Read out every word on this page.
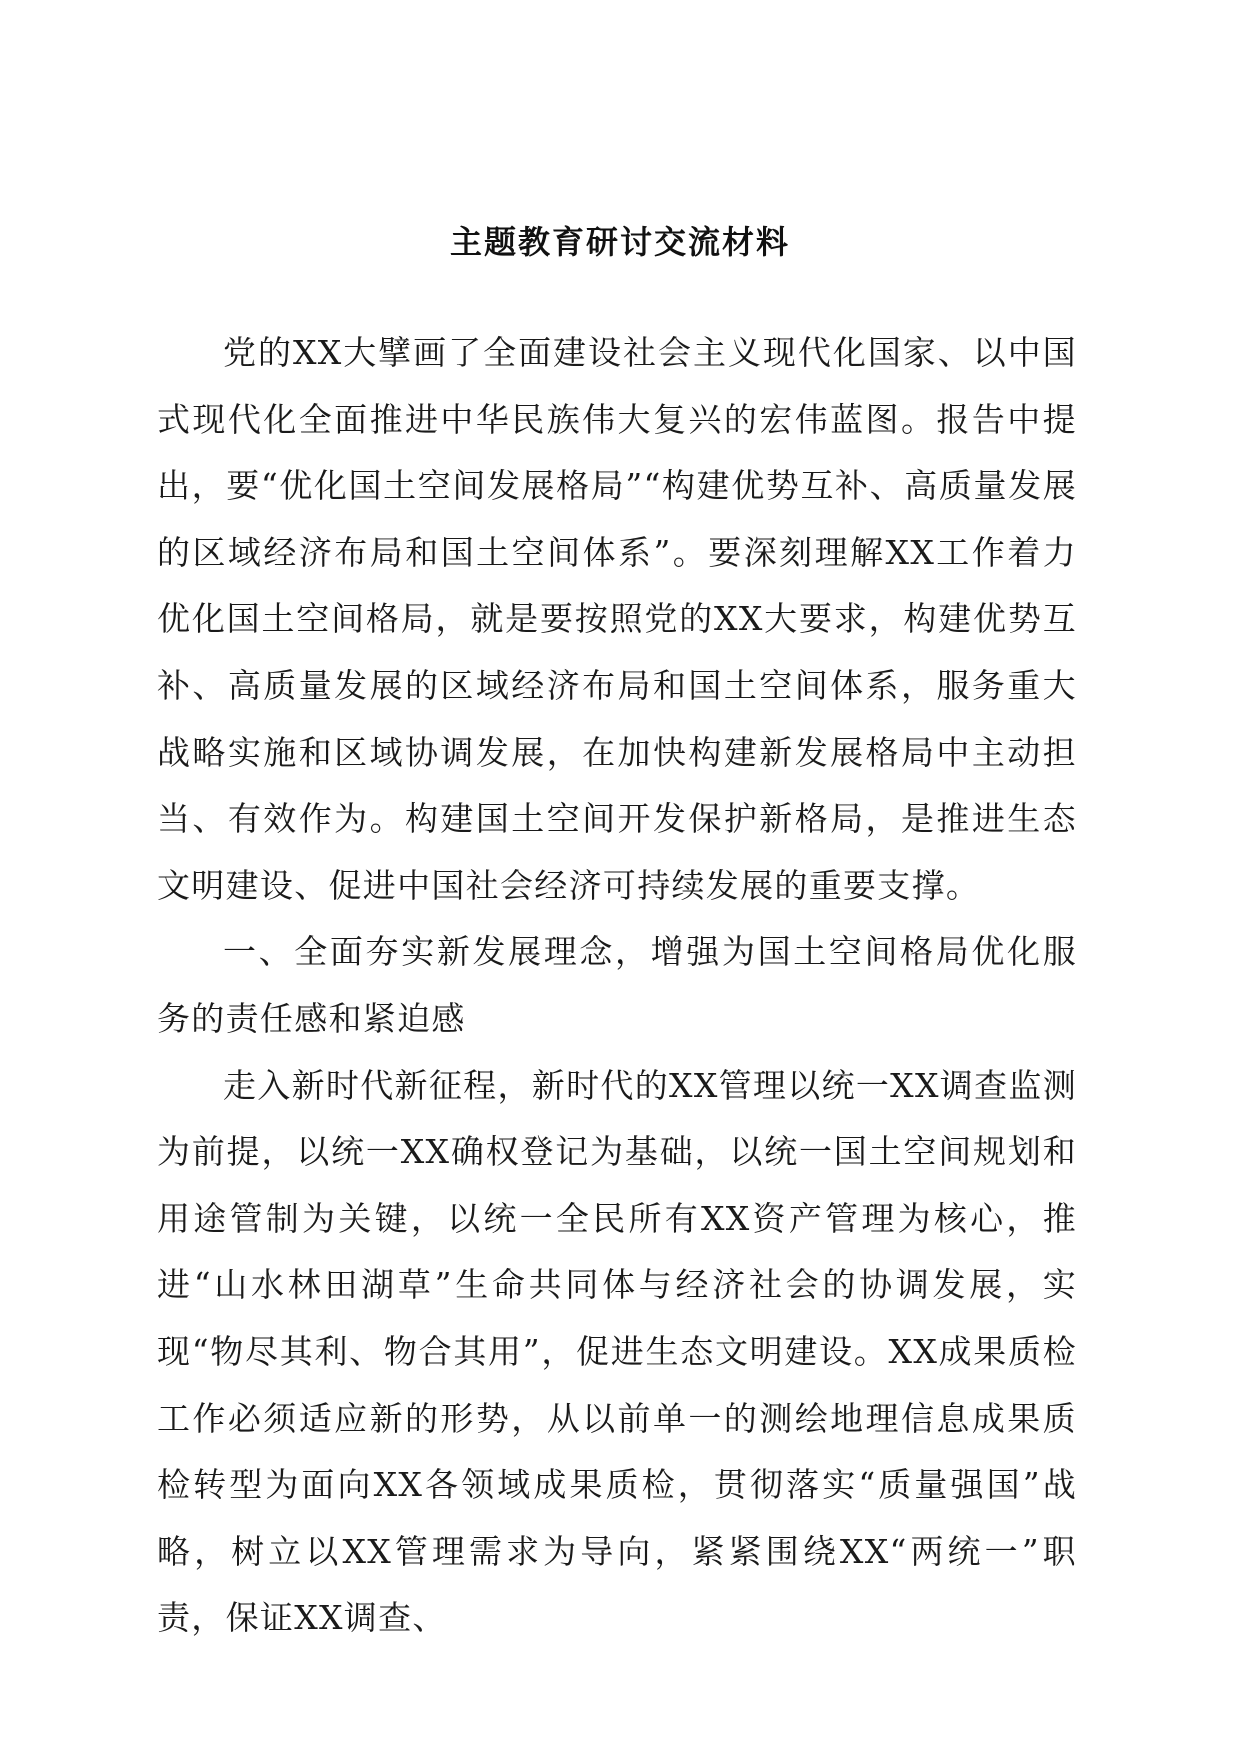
主题教育研讨交流材料

党的XX大擘画了全面建设社会主义现代化国家、以中国式现代化全面推进中华民族伟大复兴的宏伟蓝图。报告中提出，要“优化国土空间发展格局”“构建优势互补、高质量发展的区域经济布局和国土空间体系”。要深刻理解XX工作着力优化国土空间格局，就是要按照党的XX大要求，构建优势互补、高质量发展的区域经济布局和国土空间体系，服务重大战略实施和区域协调发展，在加快构建新发展格局中主动担当、有效作为。构建国土空间开发保护新格局，是推进生态文明建设、促进中国社会经济可持续发展的重要支撑。

一、全面夯实新发展理念，增强为国土空间格局优化服务的责任感和紧迫感

走入新时代新征程，新时代的XX管理以统一XX调查监测为前提，以统一XX确权登记为基础，以统一国土空间规划和用途管制为关键，以统一全民所有XX资产管理为核心，推进“山水林田湖草”生命共同体与经济社会的协调发展，实现“物尽其利、物合其用”，促进生态文明建设。XX成果质检工作必须适应新的形势，从以前单一的测绘地理信息成果质检转型为面向XX各领域成果质检，贯彻落实“质量强国”战略，树立以XX管理需求为导向，紧紧围绕XX“两统一”职责，保证XX调查、
